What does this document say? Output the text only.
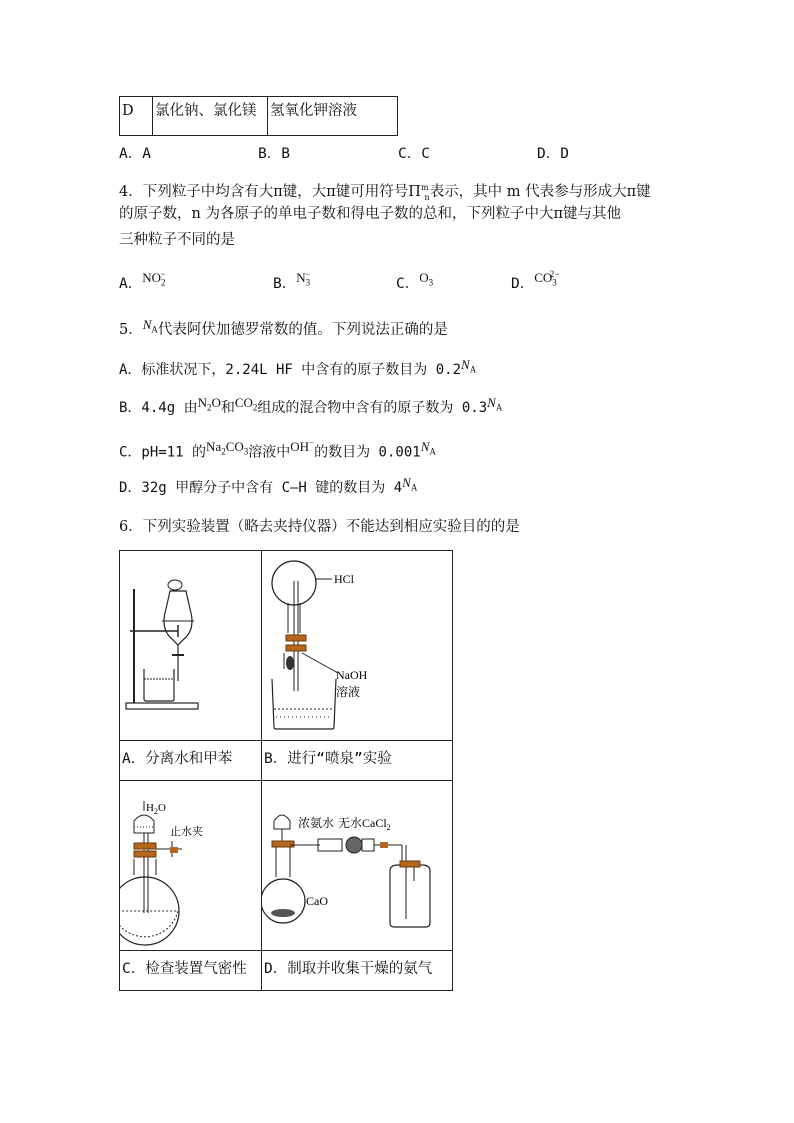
D	氯化钠、氯化镁	氢氧化钾溶液
A．A	B．B	C．C	D．D
4．下列粒子中均含有大π键，大π键可用符号$\Pi^m_n$表示，其中 m 代表参与形成大π键
的原子数，n 为各原子的单电子数和得电子数的总和，下列粒子中大π键与其他
三种粒子不同的是
A．$NO_2^-$
B．$N_3^-$
C．$O_3$	D．$CO_3^{2-}$
5．$N_A$代表阿伏加德罗常数的值。下列说法正确的是
A．标准状况下，2.24L HF 中含有的原子数目为 $0.2N_A$
B．4.4g 由$N_2O$和$CO_2$组成的混合物中含有的原子数为 $0.3N_A$
C．pH=11 的$Na_2CO_3$溶液中OH−的数目为 $0.001N_A$
D．32g 甲醇分子中含有 C—H 键的数目为 $4N_A$
6．下列实验装置（略去夹持仪器）不能达到相应实验目的的是
HCl
NaOH
溶液
$H_2O$
止水夹
浓氨水 无水CaCl$_2$
CaO
A．分离水和甲苯 B．进行“喷泉”实验
C．检查装置气密性 D．制取并收集干燥的氨气
